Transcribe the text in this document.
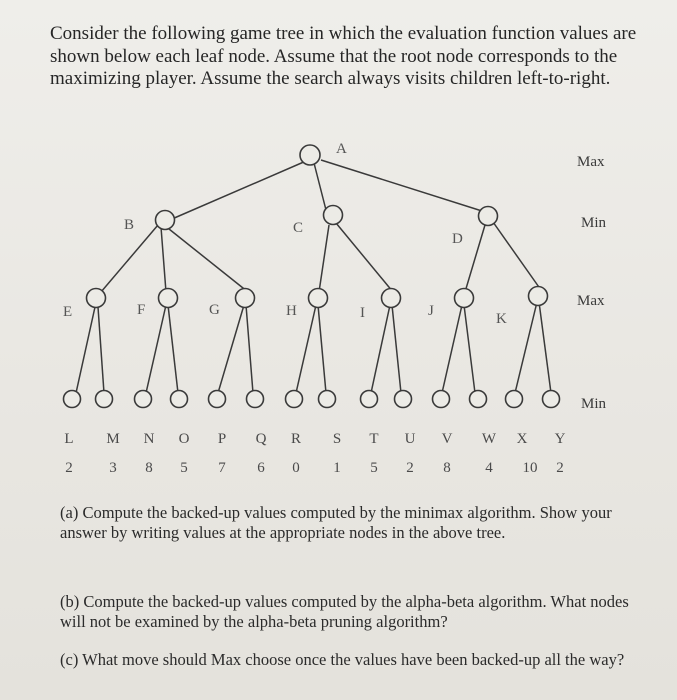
Consider the following game tree in which the evaluation function values are shown below each leaf node. Assume that the root node corresponds to the maximizing player. Assume the search always visits children left-to-right.

A
B	C
D
E	F	G	H	I	J	K
Max
Min
Max
Min
L M N O P Q R S T U V W X Y
2 3 8 5 7 6 0 1 5 2 8 4 10 2

(a) Compute the backed-up values computed by the minimax algorithm. Show your answer by writing values at the appropriate nodes in the above tree.

(b) Compute the backed-up values computed by the alpha-beta algorithm. What nodes will not be examined by the alpha-beta pruning algorithm?

(c) What move should Max choose once the values have been backed-up all the way?
